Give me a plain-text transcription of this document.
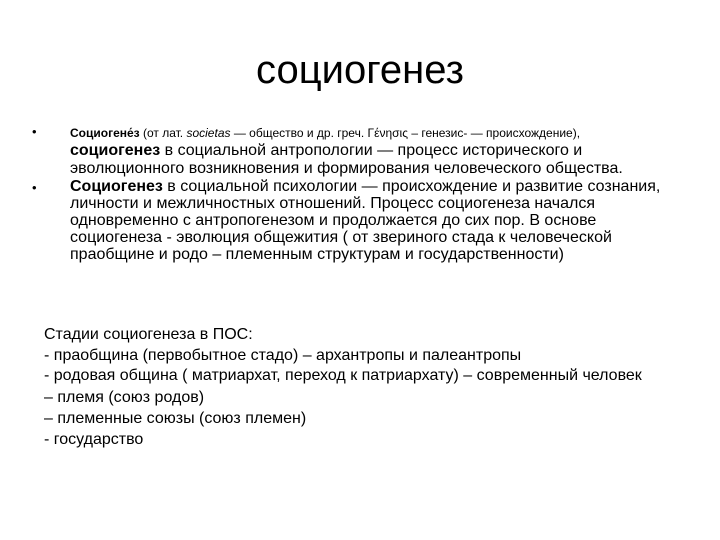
социогенез
•	Социогене́з (от лат. societas — общество и др. греч. Γένησις – генезис- — происхождение),
социогенез в социальной антропологии — процесс исторического и эволюционного возникновения и формирования человеческого общества.
• Социогенез в социальной психологии — происхождение и развитие сознания, личности и межличностных отношений. Процесс социогенеза начался одновременно с антропогенезом и продолжается до сих пор. В основе социогенеза - эволюция общежития ( от звериного стада к человеческой праобщине и родо – племенным структурам и государственности)
Стадии социогенеза в ПОС:
- праобщина (первобытное стадо) – архантропы и палеантропы
- родовая община ( матриархат, переход к патриархату) – современный человек
– племя (союз родов)
– племенные союзы (союз племен)
- государство
